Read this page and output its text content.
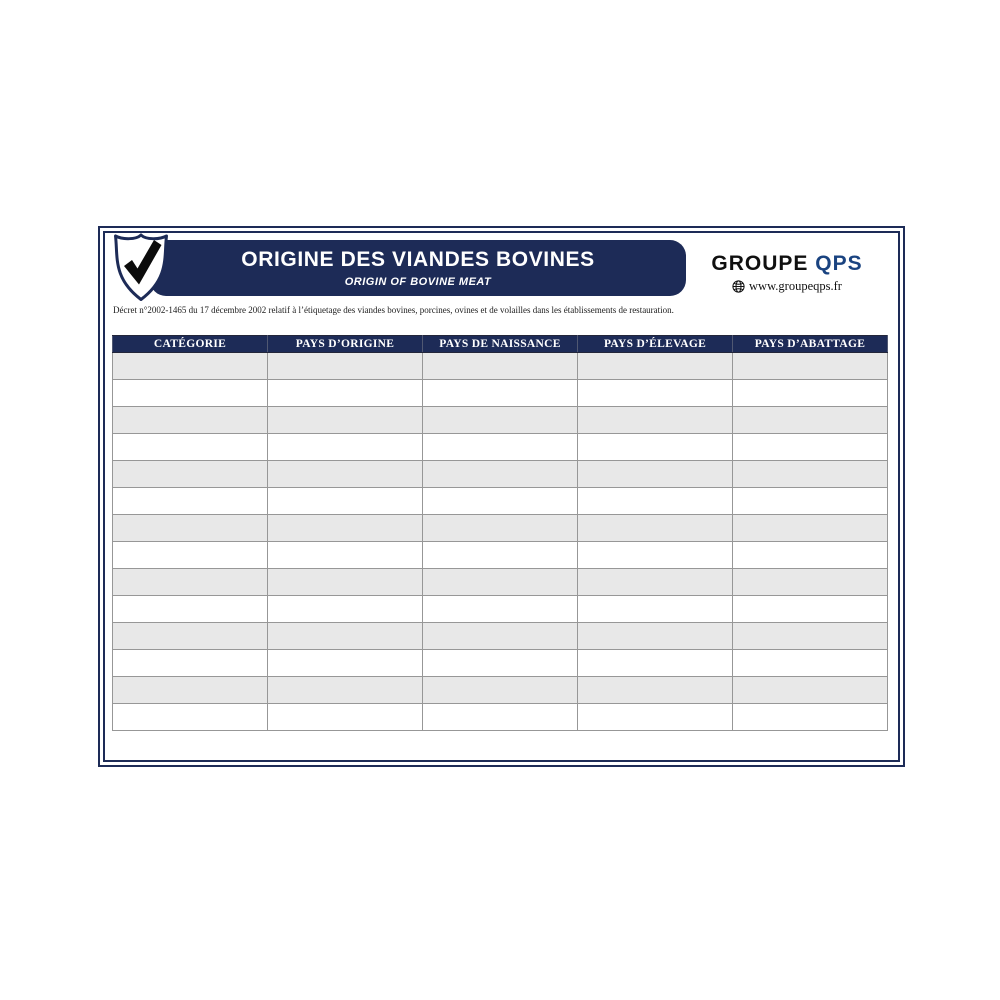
ORIGINE DES VIANDES BOVINES
ORIGIN OF BOVINE MEAT
GROUPE QPS
www.groupeqps.fr

Décret n°2002-1465 du 17 décembre 2002 relatif à l’étiquetage des viandes bovines, porcines, ovines et de volailles dans les établissements de restauration.

CATÉGORIE	PAYS D’ORIGINE	PAYS DE NAISSANCE	PAYS D’ÉLEVAGE	PAYS D’ABATTAGE
